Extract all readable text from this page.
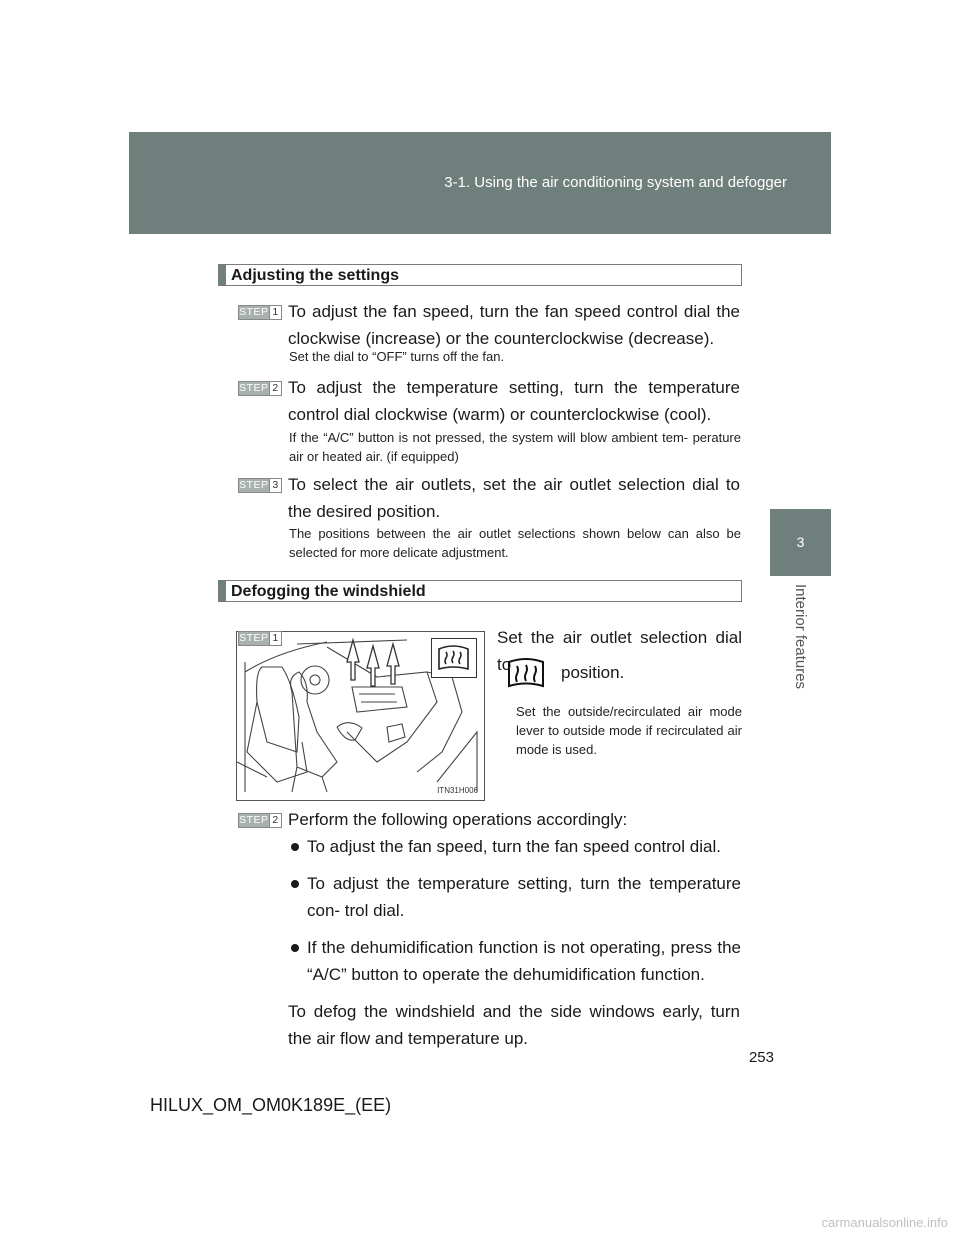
3-1. Using the air conditioning system and defogger
3
Interior features
Adjusting the settings
STEP 1 To adjust the fan speed, turn the fan speed control dial the clockwise (increase) or the counterclockwise (decrease).
Set the dial to “OFF” turns off the fan.
STEP 2 To adjust the temperature setting, turn the temperature control dial clockwise (warm) or counterclockwise (cool).
If the “A/C” button is not pressed, the system will blow ambient tem- perature air or heated air. (if equipped)
STEP 3 To select the air outlets, set the air outlet selection dial to the desired position.
The positions between the air outlet selections shown below can also be selected for more delicate adjustment.
Defogging the windshield
ITN31H006
STEP 1	Set the air outlet selection dial to	position.
Set the outside/recirculated air mode lever to outside mode if recirculated air mode is used.
STEP 2 Perform the following operations accordingly:
To adjust the fan speed, turn the fan speed control dial.
To adjust the temperature setting, turn the temperature con- trol dial.
If the dehumidification function is not operating, press the “A/C” button to operate the dehumidification function.
To defog the windshield and the side windows early, turn the air flow and temperature up.
253
HILUX_OM_OM0K189E_(EE)
carmanualsonline.info
